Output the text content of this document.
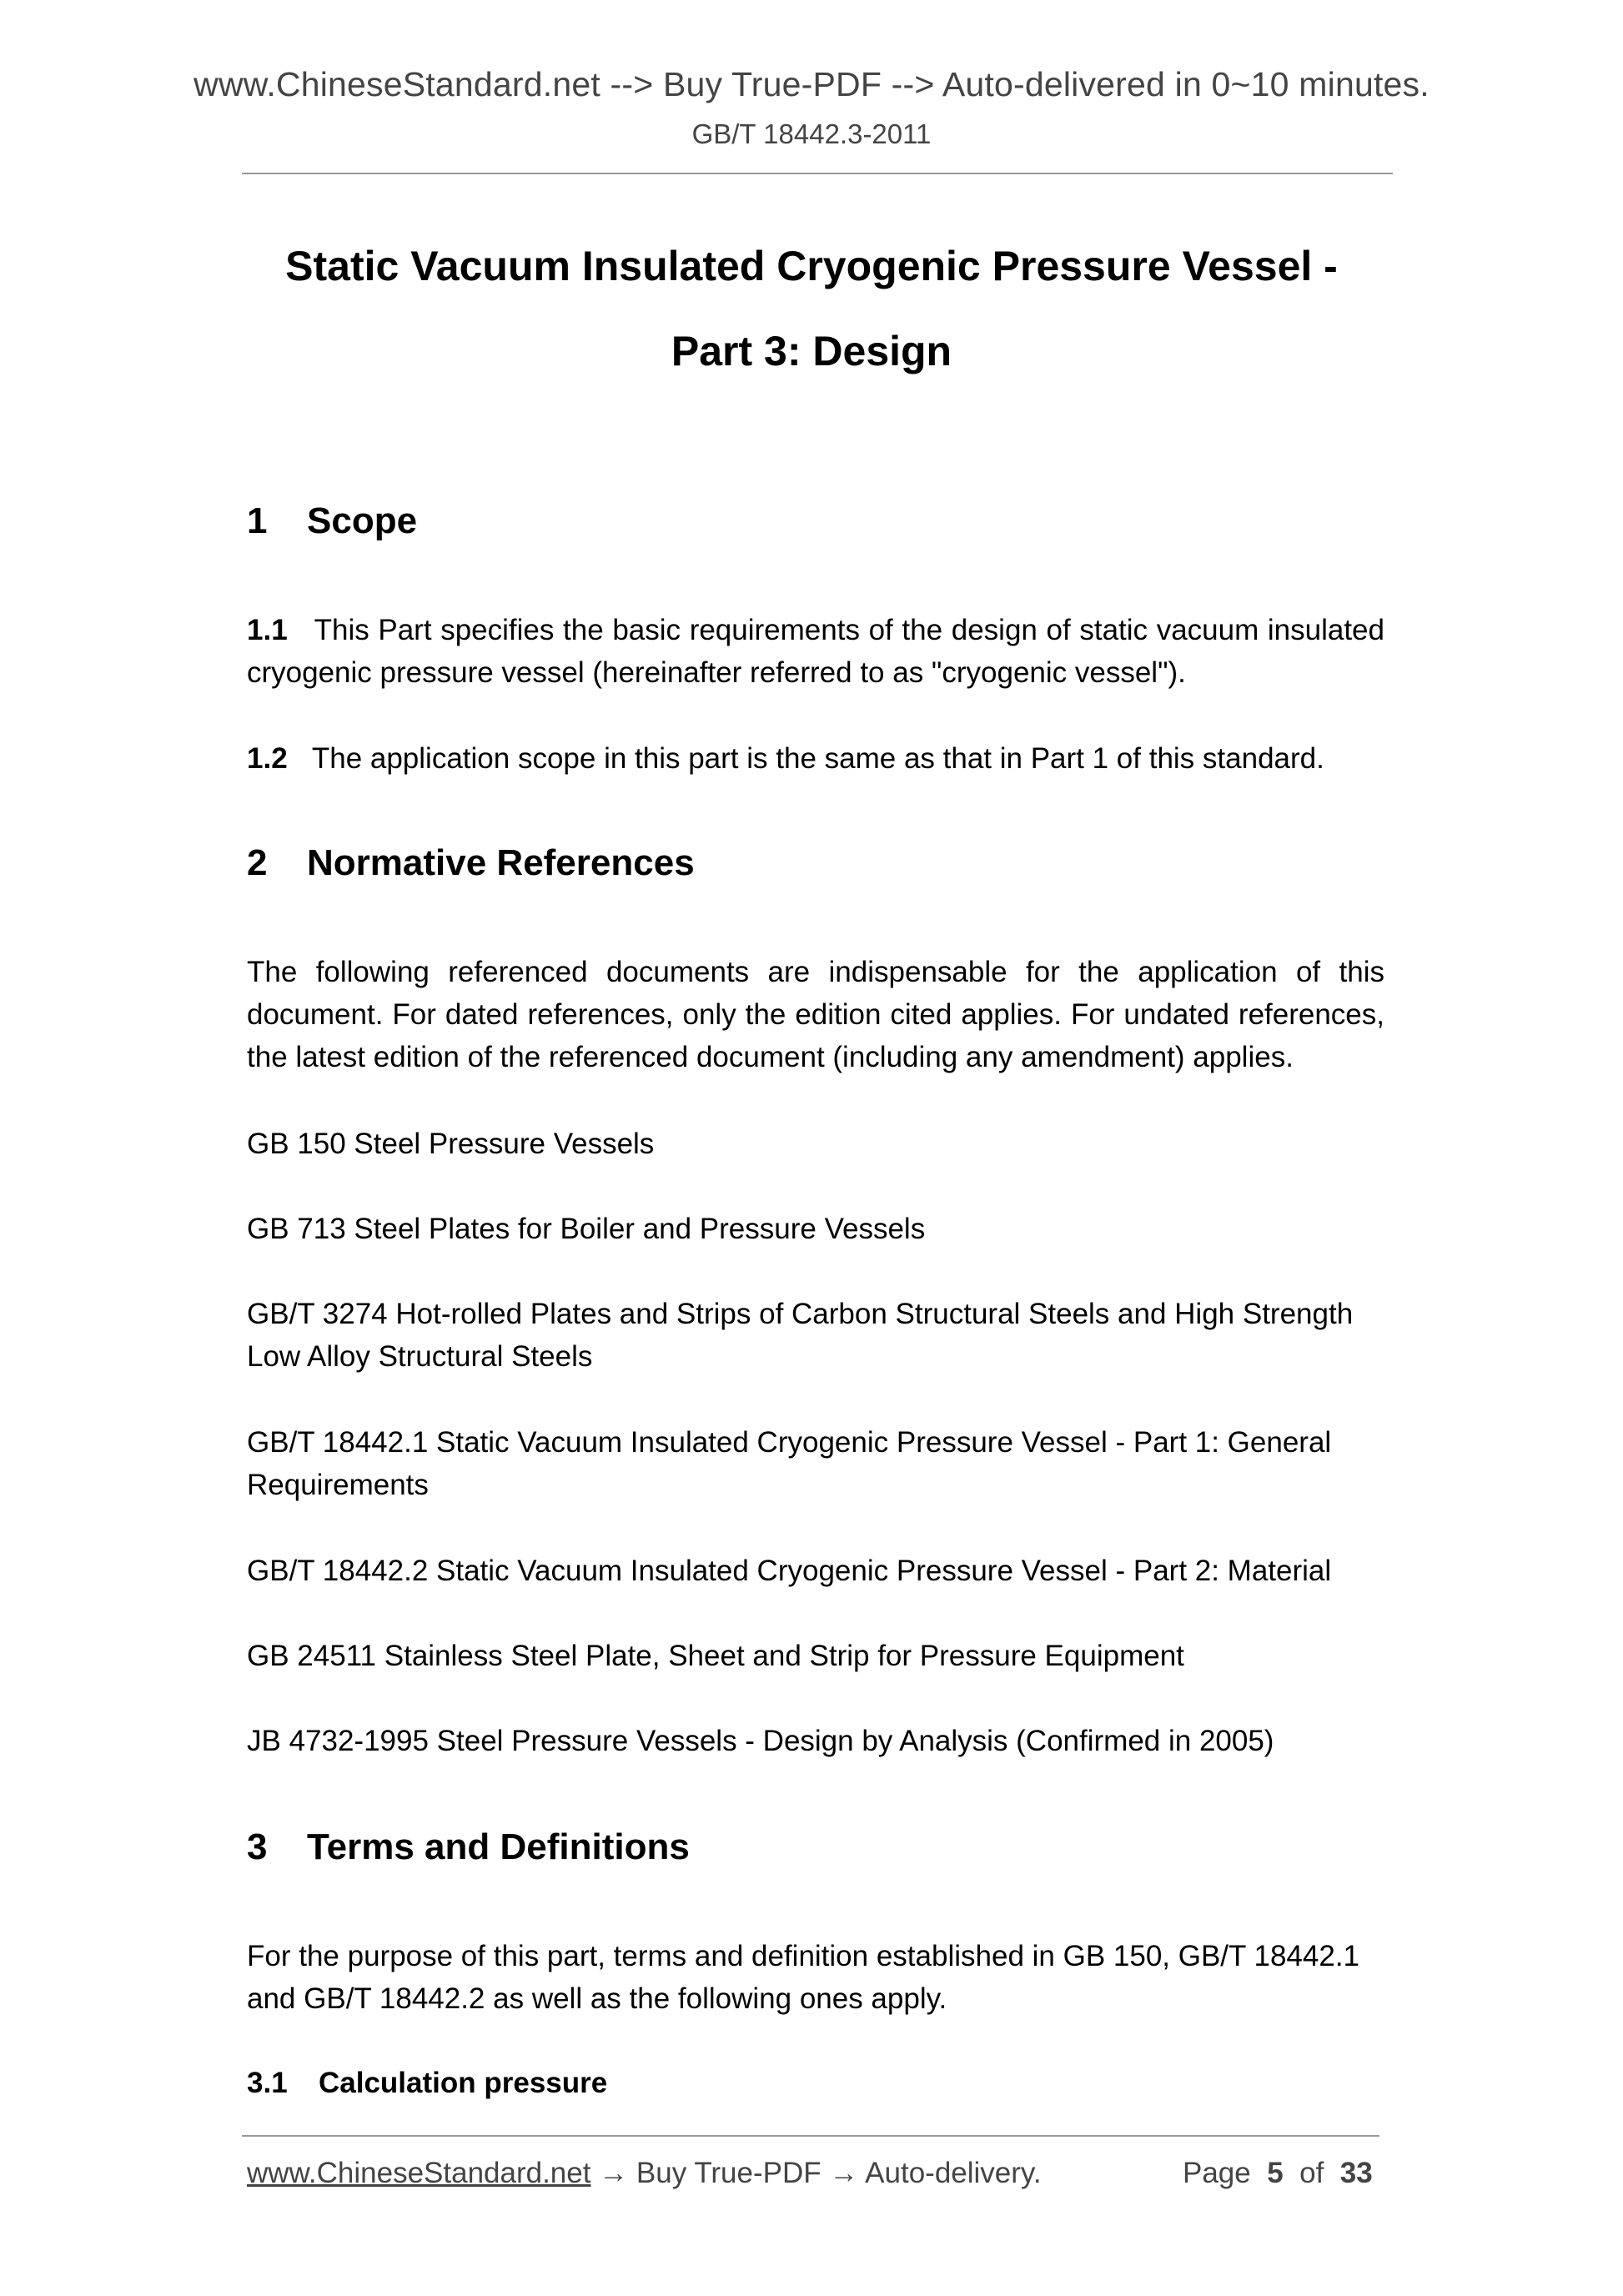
www.ChineseStandard.net --> Buy True-PDF --> Auto-delivered in 0~10 minutes.
GB/T 18442.3-2011
Static Vacuum Insulated Cryogenic Pressure Vessel -
Part 3: Design
1 Scope
1.1 This Part specifies the basic requirements of the design of static vacuum insulated cryogenic pressure vessel (hereinafter referred to as "cryogenic vessel").
1.2 The application scope in this part is the same as that in Part 1 of this standard.
2 Normative References
The following referenced documents are indispensable for the application of this document. For dated references, only the edition cited applies. For undated references, the latest edition of the referenced document (including any amendment) applies.
GB 150 Steel Pressure Vessels
GB 713 Steel Plates for Boiler and Pressure Vessels
GB/T 3274 Hot-rolled Plates and Strips of Carbon Structural Steels and High Strength Low Alloy Structural Steels
GB/T 18442.1 Static Vacuum Insulated Cryogenic Pressure Vessel - Part 1: General Requirements
GB/T 18442.2 Static Vacuum Insulated Cryogenic Pressure Vessel - Part 2: Material
GB 24511 Stainless Steel Plate, Sheet and Strip for Pressure Equipment
JB 4732-1995 Steel Pressure Vessels - Design by Analysis (Confirmed in 2005)
3 Terms and Definitions
For the purpose of this part, terms and definition established in GB 150, GB/T 18442.1 and GB/T 18442.2 as well as the following ones apply.
3.1 Calculation pressure
www.ChineseStandard.net → Buy True-PDF → Auto-delivery.	Page 5 of 33
